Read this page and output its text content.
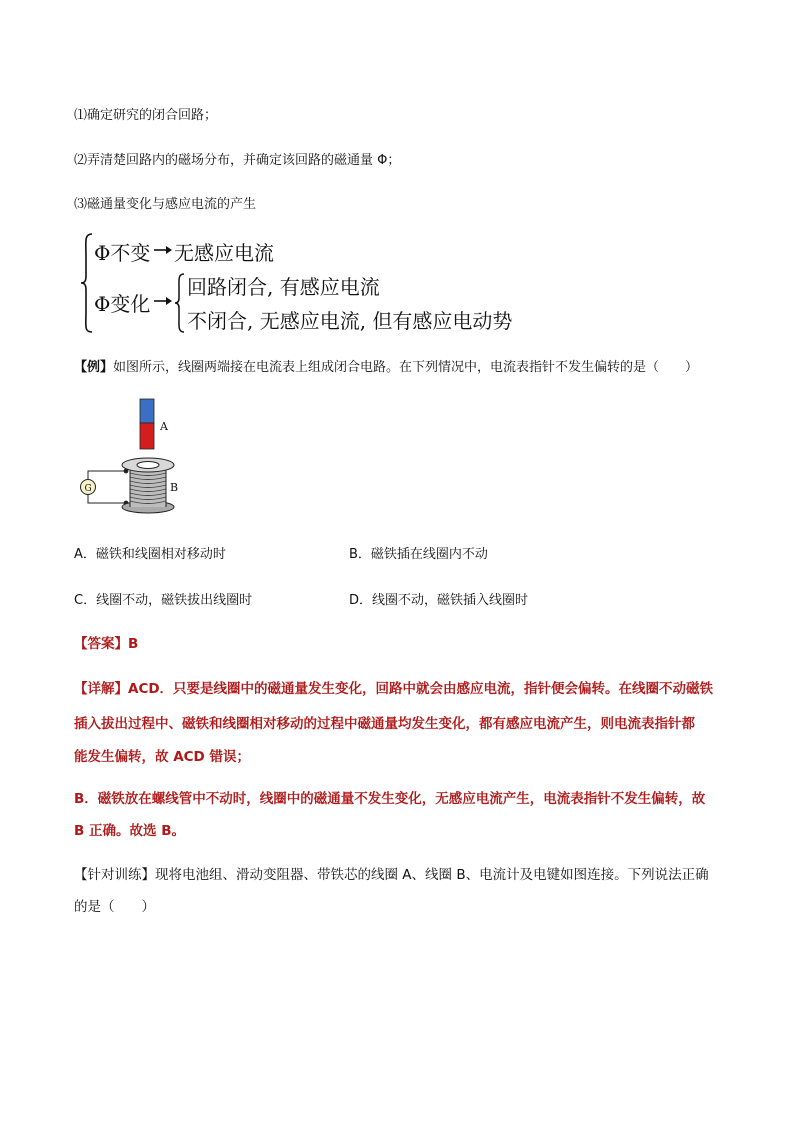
⑴确定研究的闭合回路；
⑵弄清楚回路内的磁场分布，并确定该回路的磁通量 Φ；
⑶磁通量变化与感应电流的产生
Φ不变 无感应电流
Φ变化
回路闭合, 有感应电流
不闭合, 无感应电流, 但有感应电动势
【例】如图所示，线圈两端接在电流表上组成闭合电路。在下列情况中，电流表指针不发生偏转的是（　　）
A
G	B
A．磁铁和线圈相对移动时	B．磁铁插在线圈内不动
C．线圈不动，磁铁拔出线圈时	D．线圈不动，磁铁插入线圈时
【答案】B
【详解】ACD．只要是线圈中的磁通量发生变化，回路中就会由感应电流，指针便会偏转。在线圈不动磁铁
插入拔出过程中、磁铁和线圈相对移动的过程中磁通量均发生变化，都有感应电流产生，则电流表指针都
能发生偏转，故 ACD 错误；
B．磁铁放在螺线管中不动时，线圈中的磁通量不发生变化，无感应电流产生，电流表指针不发生偏转，故
B 正确。故选 B。
【针对训练】现将电池组、滑动变阻器、带铁芯的线圈 A、线圈 B、电流计及电键如图连接。下列说法正确
的是（　　）
